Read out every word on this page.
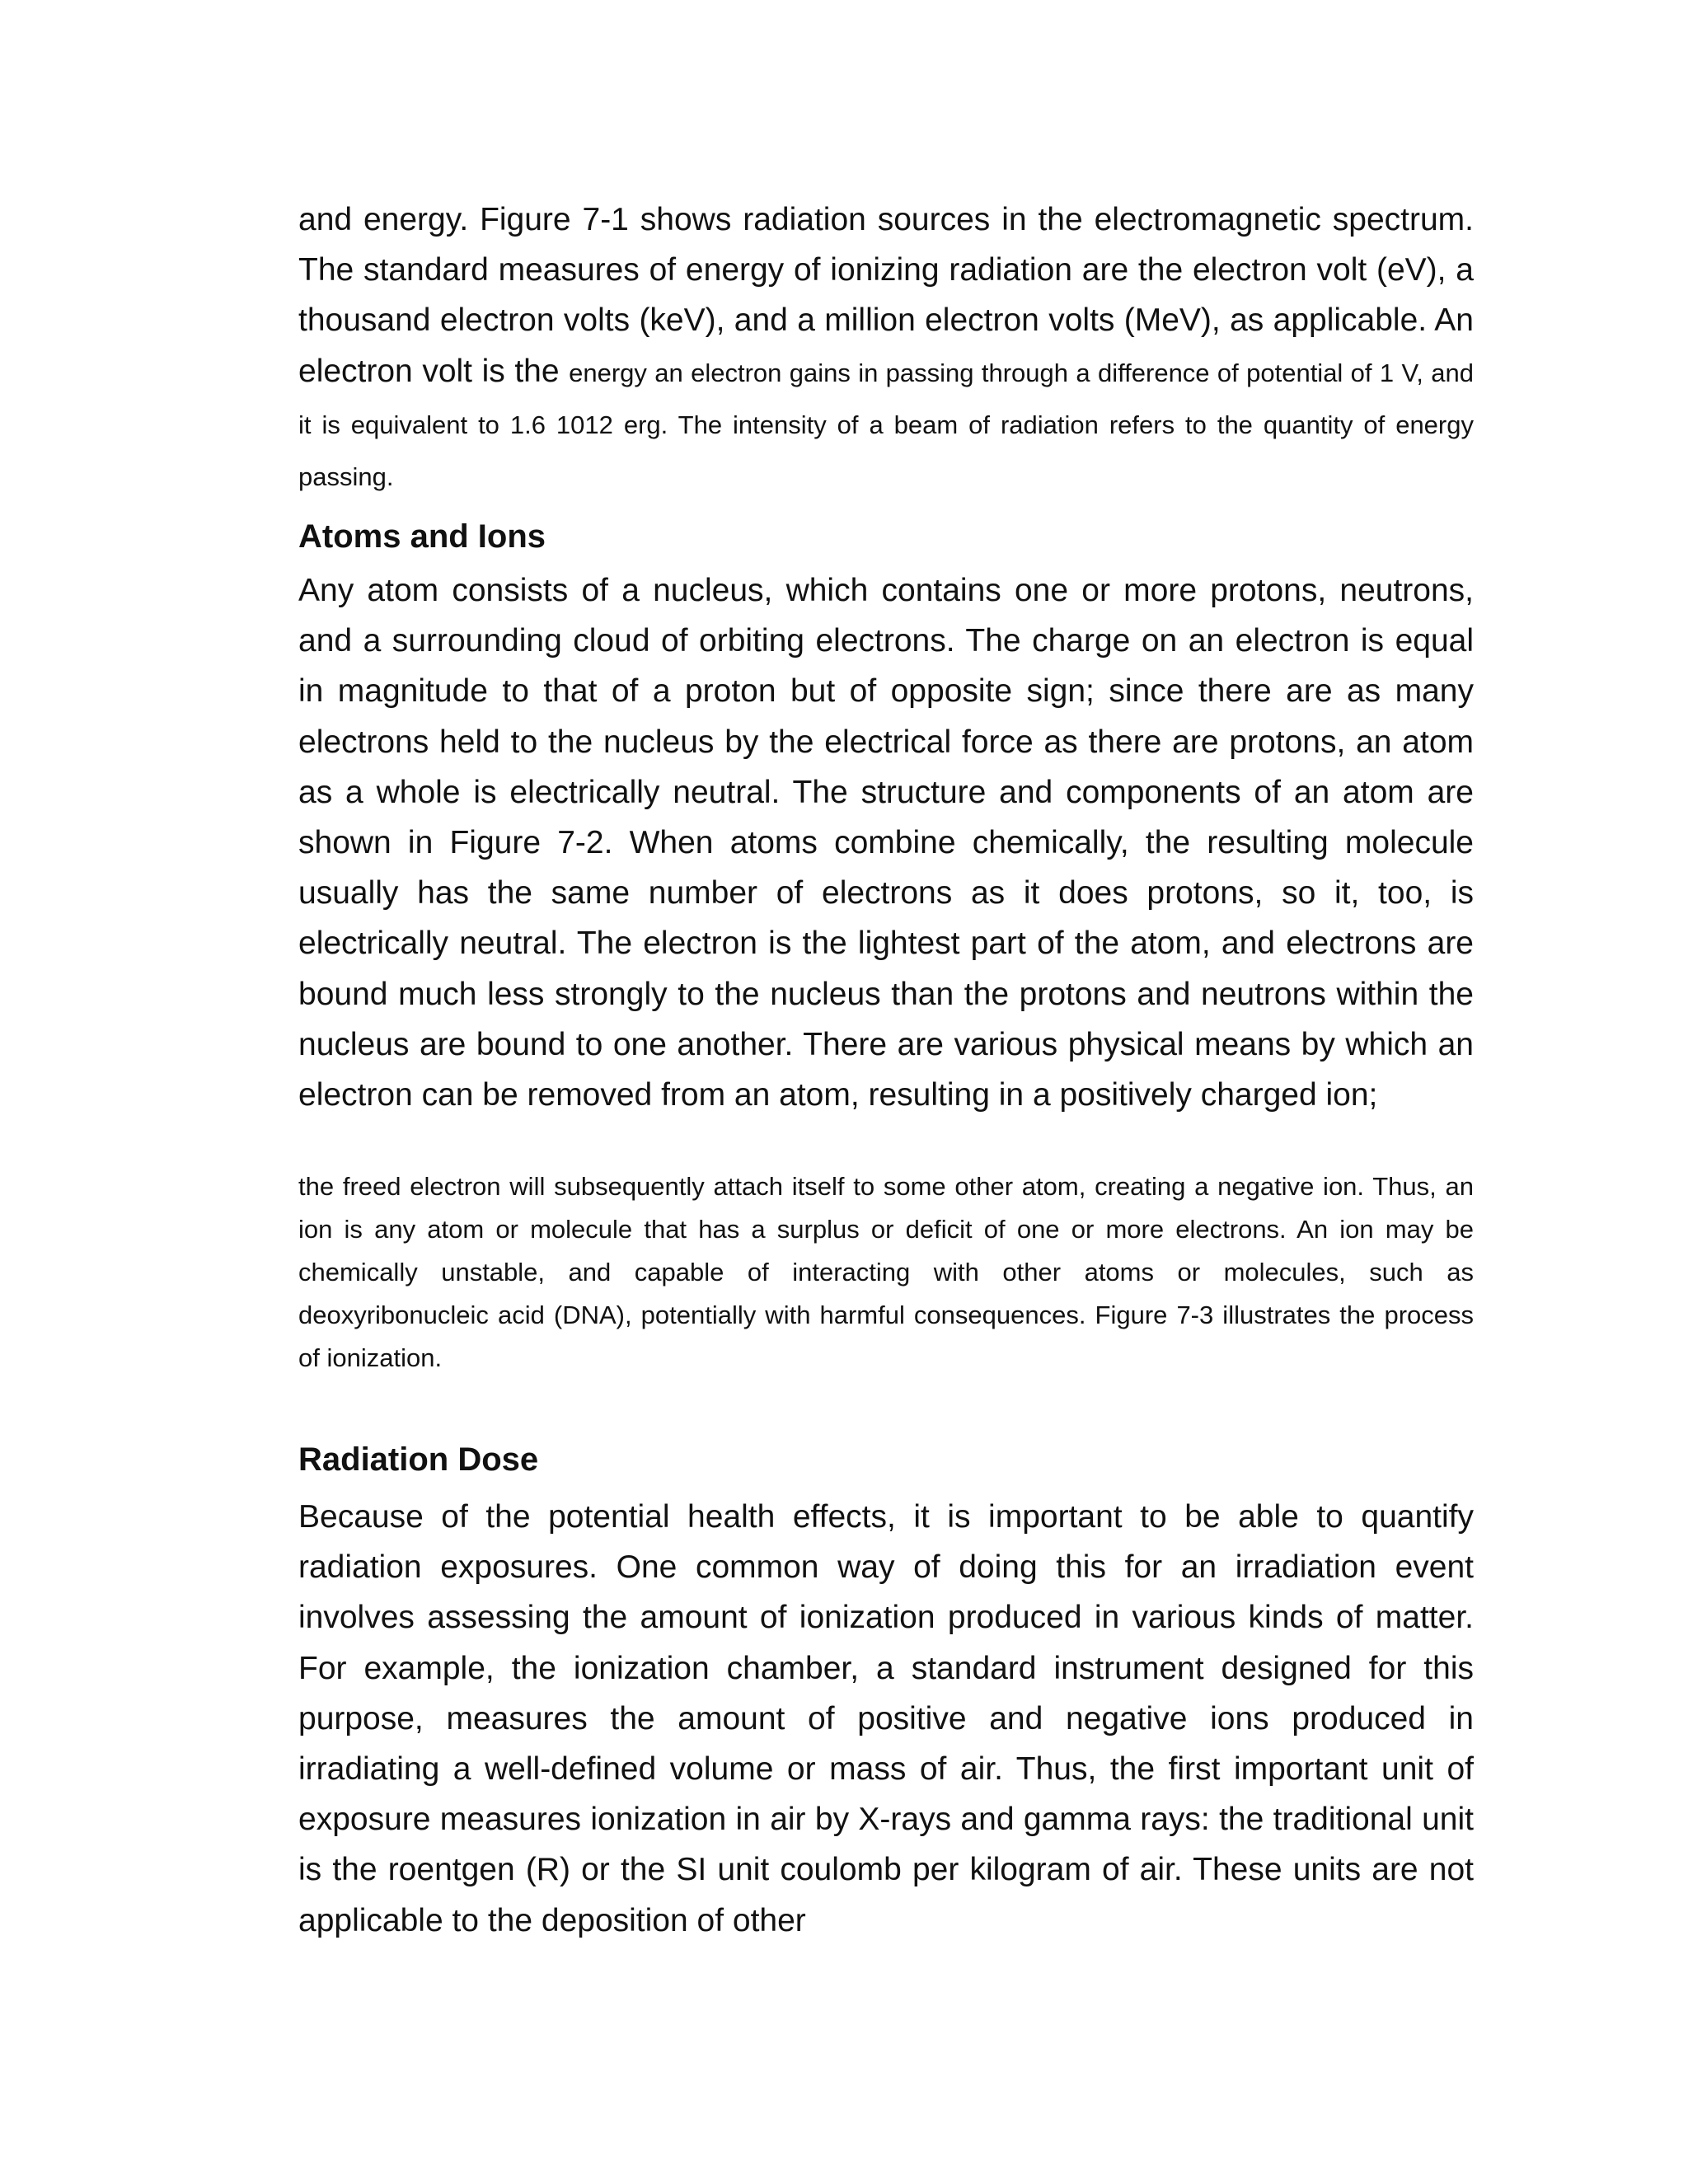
and energy. Figure 7-1 shows radiation sources in the electromagnetic spectrum. The standard measures of energy of ionizing radiation are the electron volt (eV), a thousand electron volts (keV), and a million electron volts (MeV), as applicable. An electron volt is the energy an electron gains in passing through a difference of potential of 1 V, and it is equivalent to 1.6 1012 erg. The intensity of a beam of radiation refers to the quantity of energy passing.

Atoms and Ions

Any atom consists of a nucleus, which contains one or more protons, neutrons, and a surrounding cloud of orbiting electrons. The charge on an electron is equal in magnitude to that of a proton but of opposite sign; since there are as many electrons held to the nucleus by the electrical force as there are protons, an atom as a whole is electrically neutral. The structure and components of an atom are shown in Figure 7-2. When atoms combine chemically, the resulting molecule usually has the same number of electrons as it does protons, so it, too, is electrically neutral. The electron is the lightest part of the atom, and electrons are bound much less strongly to the nucleus than the protons and neutrons within the nucleus are bound to one another. There are various physical means by which an electron can be removed from an atom, resulting in a positively charged ion;

the freed electron will subsequently attach itself to some other atom, creating a negative ion. Thus, an ion is any atom or molecule that has a surplus or deficit of one or more electrons. An ion may be chemically unstable, and capable of interacting with other atoms or molecules, such as deoxyribonucleic acid (DNA), potentially with harmful consequences. Figure 7-3 illustrates the process of ionization.

Radiation Dose

Because of the potential health effects, it is important to be able to quantify radiation exposures. One common way of doing this for an irradiation event involves assessing the amount of ionization produced in various kinds of matter. For example, the ionization chamber, a standard instrument designed for this purpose, measures the amount of positive and negative ions produced in irradiating a well-defined volume or mass of air. Thus, the first important unit of exposure measures ionization in air by X-rays and gamma rays: the traditional unit is the roentgen (R) or the SI unit coulomb per kilogram of air. These units are not applicable to the deposition of other
